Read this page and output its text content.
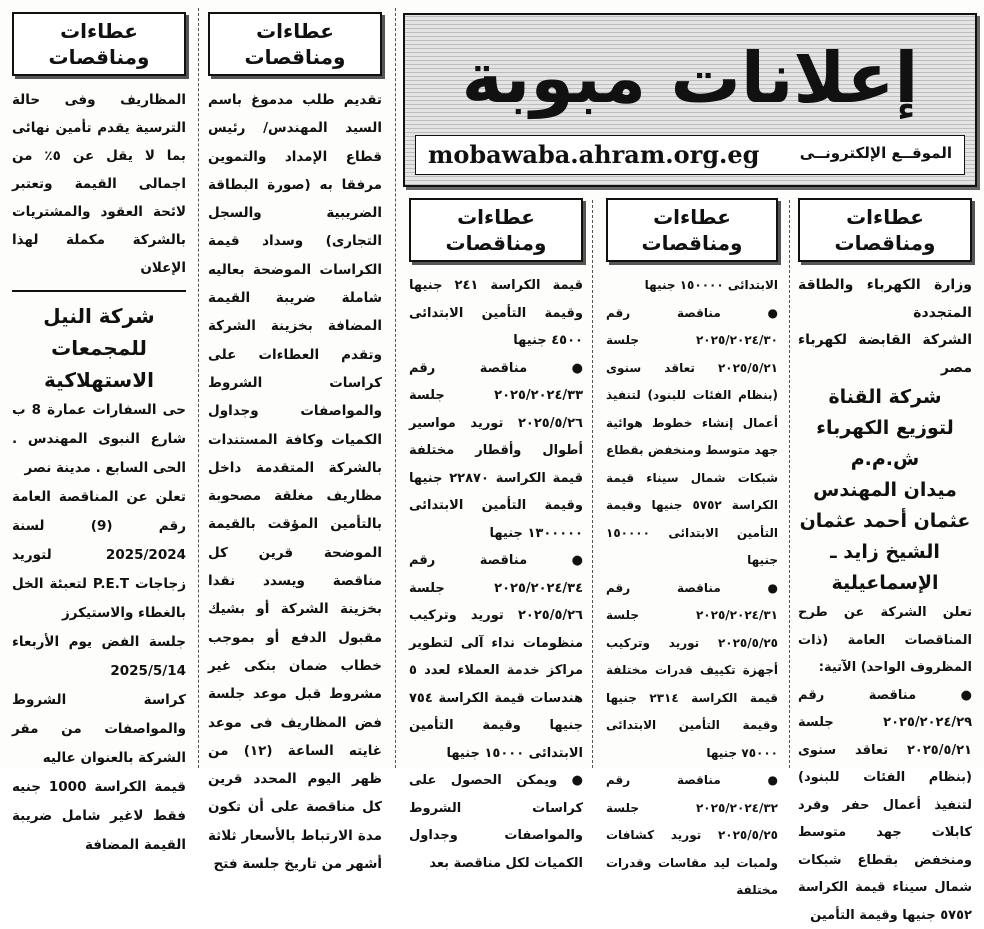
إعلانات مبوبة
mobawaba.ahram.org.eg	الموقــع الإلكترونــى
عطاءات ومناقصات

وزارة الكهرباء والطاقة المتجددة

الشركة القابضة لكهرباء مصر

شركة القناة لتوزيع الكهرباء ش.م.م
ميدان المهندس عثمان أحمد عثمان الشيخ زايد ـ الإسماعيلية

تعلن الشركة عن طرح المناقصات العامة (ذات المظروف الواحد) الآتية:

● مناقصة رقم ٢٠٢٥/٢٠٢٤/٢٩ جلسة ٢٠٢٥/٥/٢١ تعاقد سنوى (بنظام الفئات للبنود) لتنفيذ أعمال حفر وفرد كابلات جهد متوسط ومنخفض بقطاع شبكات شمال سيناء قيمة الكراسة ٥٧٥٢ جنيها وقيمة التأمين

عطاءات ومناقصات

الابتدائى ١٥٠٠٠٠ جنيها

● مناقصة رقم ٢٠٢٥/٢٠٢٤/٣٠ جلسة ٢٠٢٥/٥/٢١ تعاقد سنوى (بنظام الفئات للبنود) لتنفيذ أعمال إنشاء خطوط هوائية جهد متوسط ومنخفض بقطاع شبكات شمال سيناء قيمة الكراسة ٥٧٥٢ جنيها وقيمة التأمين الابتدائى ١٥٠٠٠٠ جنيها

● مناقصة رقم ٢٠٢٥/٢٠٢٤/٣١ جلسة ٢٠٢٥/٥/٢٥ توريد وتركيب أجهزة تكييف قدرات مختلفة قيمة الكراسة ٢٣١٤ جنيها وقيمة التأمين الابتدائى ٧٥٠٠٠ جنيها

● مناقصة رقم ٢٠٢٥/٢٠٢٤/٣٢ جلسة ٢٠٢٥/٥/٢٥ توريد كشافات ولمبات ليد مقاسات وقدرات مختلفة

عطاءات ومناقصات

قيمة الكراسة ٢٤١ جنيها وقيمة التأمين الابتدائى ٤٥٠٠ جنيها

● مناقصة رقم ٢٠٢٥/٢٠٢٤/٣٣ جلسة ٢٠٢٥/٥/٢٦ توريد مواسير أطوال وأقطار مختلفة قيمة الكراسة ٢٢٨٧٠ جنيها وقيمة التأمين الابتدائى ١٣٠٠٠٠٠ جنيها

● مناقصة رقم ٢٠٢٥/٢٠٢٤/٣٤ جلسة ٢٠٢٥/٥/٢٦ توريد وتركيب منظومات نداء آلى لتطوير مراكز خدمة العملاء لعدد ٥ هندسات قيمة الكراسة ٧٥٤ جنيها وقيمة التأمين الابتدائى ١٥٠٠٠ جنيها

● ويمكن الحصول على كراسات الشروط والمواصفات وجداول الكميات لكل مناقصة بعد

عطاءات ومناقصات
تقديم طلب مدموغ باسم السيد المهندس/ رئيس قطاع الإمداد والتموين مرفقا به (صورة البطاقة الضريبية والسجل التجارى) وسداد قيمة الكراسات الموضحة بعاليه شاملة ضريبة القيمة المضافة بخزينة الشركة وتقدم العطاءات على كراسات الشروط والمواصفات وجداول الكميات وكافة المستندات بالشركة المتقدمة داخل مظاريف مغلقة مصحوبة بالتأمين المؤقت بالقيمة الموضحة قرين كل مناقصة ويسدد نقدا بخزينة الشركة أو بشيك مقبول الدفع أو بموجب خطاب ضمان بنكى غير مشروط قبل موعد جلسة فض المظاريف فى موعد غايته الساعة (١٢) من ظهر اليوم المحدد قرين كل مناقصة على أن تكون مدة الارتباط بالأسعار ثلاثة أشهر من تاريخ جلسة فتح
عطاءات ومناقصات
المظاريف وفى حالة الترسية يقدم تأمين نهائى بما لا يقل عن ٥٪ من اجمالى القيمة وتعتبر لائحة العقود والمشتريات بالشركة مكملة لهذا الإعلان
شركة النيل للمجمعات الاستهلاكية

حى السفارات عمارة 8 ب شارع النبوى المهندس . الحى السابع . مدينة نصر

تعلن عن المناقصة العامة رقم (9) لسنة 2025/2024 لتوريد زجاجات P.E.T لتعبئة الخل بالغطاء والاستيكرز

جلسة الفض يوم الأربعاء 2025/5/14

كراسة الشروط والمواصفات من مقر الشركة بالعنوان عاليه

قيمة الكراسة 1000 جنيه فقط لاغير شامل ضريبة القيمة المضافة
